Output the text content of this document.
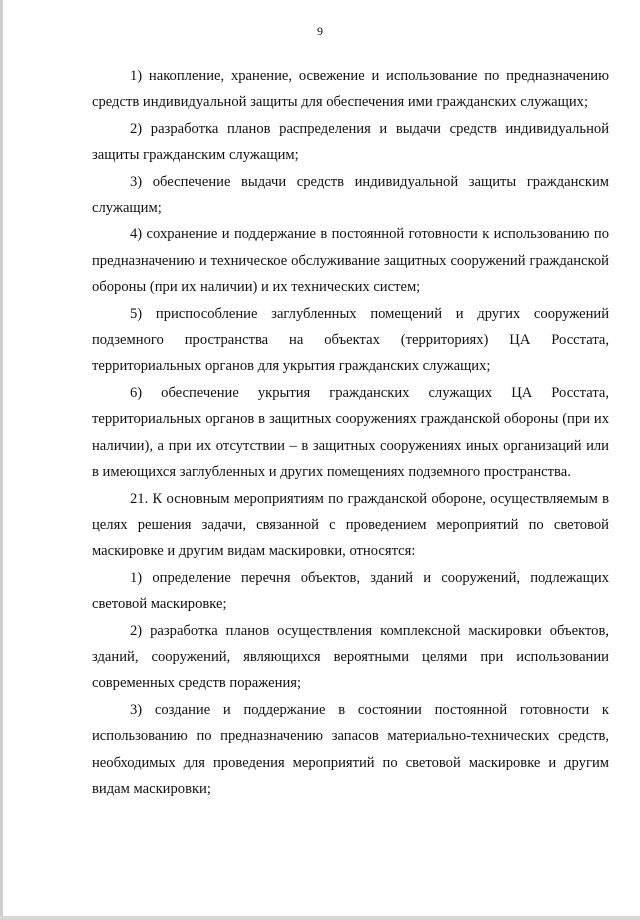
9

1) накопление, хранение, освежение и использование по предназначению средств индивидуальной защиты для обеспечения ими гражданских служащих;

2) разработка планов распределения и выдачи средств индивидуальной защиты гражданским служащим;

3) обеспечение выдачи средств индивидуальной защиты гражданским служащим;

4) сохранение и поддержание в постоянной готовности к использованию по предназначению и техническое обслуживание защитных сооружений гражданской обороны (при их наличии) и их технических систем;

5) приспособление заглубленных помещений и других сооружений подземного пространства на объектах (территориях) ЦА Росстата, территориальных органов для укрытия гражданских служащих;

6) обеспечение укрытия гражданских служащих ЦА Росстата, территориальных органов в защитных сооружениях гражданской обороны (при их наличии), а при их отсутствии – в защитных сооружениях иных организаций или в имеющихся заглубленных и других помещениях подземного пространства.

21. К основным мероприятиям по гражданской обороне, осуществляемым в целях решения задачи, связанной с проведением мероприятий по световой маскировке и другим видам маскировки, относятся:

1) определение перечня объектов, зданий и сооружений, подлежащих световой маскировке;

2) разработка планов осуществления комплексной маскировки объектов, зданий, сооружений, являющихся вероятными целями при использовании современных средств поражения;

3) создание и поддержание в состоянии постоянной готовности к использованию по предназначению запасов материально-технических средств, необходимых для проведения мероприятий по световой маскировке и другим видам маскировки;
